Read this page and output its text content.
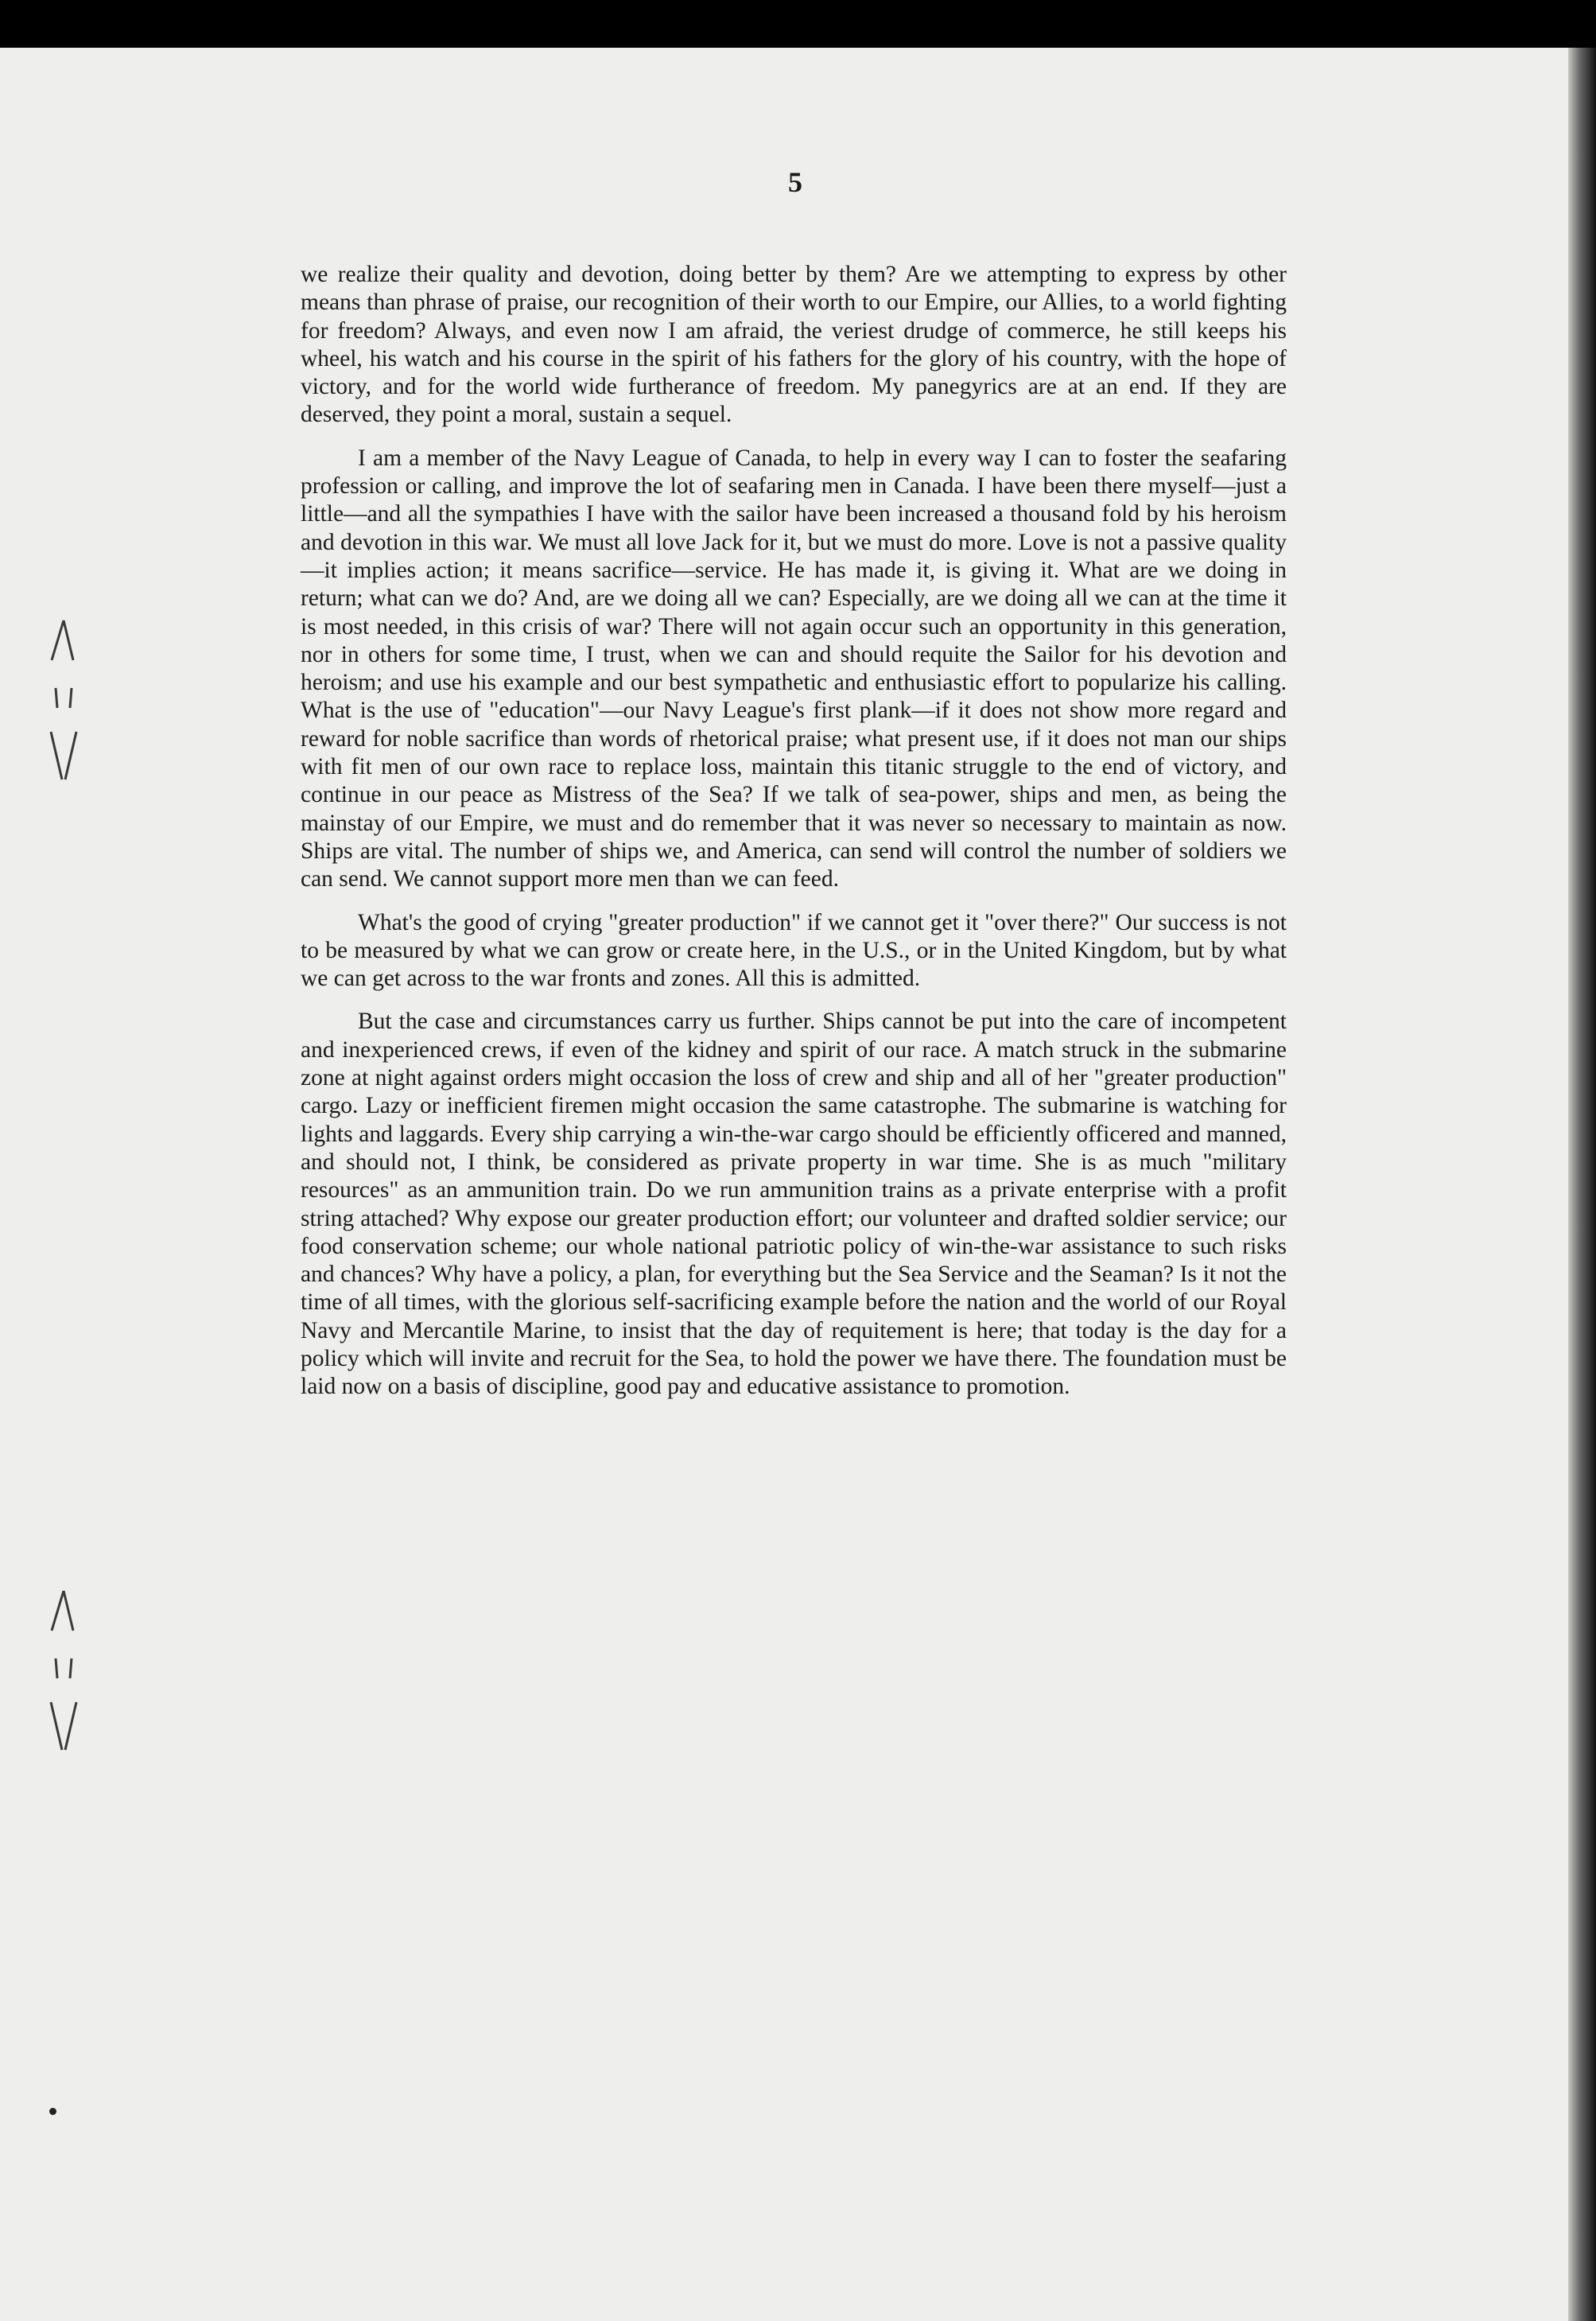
5

we realize their quality and devotion, doing better by them? Are we attempting to express by other means than phrase of praise, our recognition of their worth to our Empire, our Allies, to a world fighting for freedom? Always, and even now I am afraid, the veriest drudge of commerce, he still keeps his wheel, his watch and his course in the spirit of his fathers for the glory of his country, with the hope of victory, and for the world wide furtherance of freedom. My panegyrics are at an end. If they are deserved, they point a moral, sustain a sequel.

I am a member of the Navy League of Canada, to help in every way I can to foster the seafaring profession or calling, and improve the lot of seafaring men in Canada. I have been there myself—just a little—and all the sympathies I have with the sailor have been increased a thousand fold by his heroism and devotion in this war. We must all love Jack for it, but we must do more. Love is not a passive quality—it implies action; it means sacrifice—service. He has made it, is giving it. What are we doing in return; what can we do? And, are we doing all we can? Especially, are we doing all we can at the time it is most needed, in this crisis of war? There will not again occur such an opportunity in this generation, nor in others for some time, I trust, when we can and should requite the Sailor for his devotion and heroism; and use his example and our best sympathetic and enthusiastic effort to popularize his calling. What is the use of "education"—our Navy League's first plank—if it does not show more regard and reward for noble sacrifice than words of rhetorical praise; what present use, if it does not man our ships with fit men of our own race to replace loss, maintain this titanic struggle to the end of victory, and continue in our peace as Mistress of the Sea? If we talk of sea-power, ships and men, as being the mainstay of our Empire, we must and do remember that it was never so necessary to maintain as now. Ships are vital. The number of ships we, and America, can send will control the number of soldiers we can send. We cannot support more men than we can feed.

What's the good of crying "greater production" if we cannot get it "over there?" Our success is not to be measured by what we can grow or create here, in the U.S., or in the United Kingdom, but by what we can get across to the war fronts and zones. All this is admitted.

But the case and circumstances carry us further. Ships cannot be put into the care of incompetent and inexperienced crews, if even of the kidney and spirit of our race. A match struck in the submarine zone at night against orders might occasion the loss of crew and ship and all of her "greater production" cargo. Lazy or inefficient firemen might occasion the same catastrophe. The submarine is watching for lights and laggards. Every ship carrying a win-the-war cargo should be efficiently officered and manned, and should not, I think, be considered as private property in war time. She is as much "military resources" as an ammunition train. Do we run ammunition trains as a private enterprise with a profit string attached? Why expose our greater production effort; our volunteer and drafted soldier service; our food conservation scheme; our whole national patriotic policy of win-the-war assistance to such risks and chances? Why have a policy, a plan, for everything but the Sea Service and the Seaman? Is it not the time of all times, with the glorious self-sacrificing example before the nation and the world of our Royal Navy and Mercantile Marine, to insist that the day of requitement is here; that today is the day for a policy which will invite and recruit for the Sea, to hold the power we have there. The foundation must be laid now on a basis of discipline, good pay and educative assistance to promotion.
